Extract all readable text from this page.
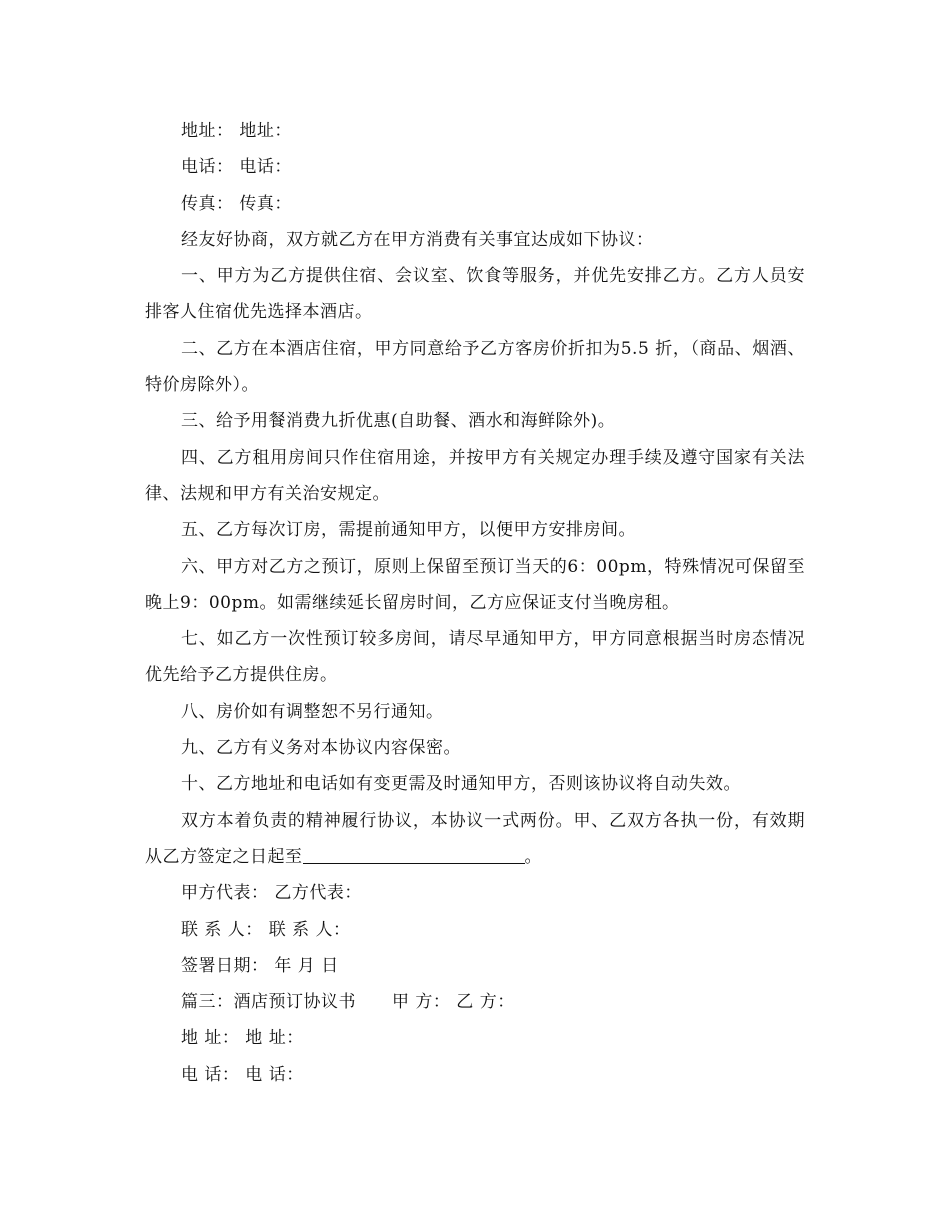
地址： 地址：

电话： 电话：

传真： 传真：

经友好协商，双方就乙方在甲方消费有关事宜达成如下协议：

一、甲方为乙方提供住宿、会议室、饮食等服务，并优先安排乙方。乙方人员安排客人住宿优先选择本酒店。

二、乙方在本酒店住宿，甲方同意给予乙方客房价折扣为5.5 折，（商品、烟酒、特价房除外）。

三、给予用餐消费九折优惠(自助餐、酒水和海鲜除外)。

四、乙方租用房间只作住宿用途，并按甲方有关规定办理手续及遵守国家有关法律、法规和甲方有关治安规定。

五、乙方每次订房，需提前通知甲方，以便甲方安排房间。

六、甲方对乙方之预订，原则上保留至预订当天的6：00pm，特殊情况可保留至晚上9：00pm。如需继续延长留房时间，乙方应保证支付当晚房租。

七、如乙方一次性预订较多房间，请尽早通知甲方，甲方同意根据当时房态情况优先给予乙方提供住房。

八、房价如有调整恕不另行通知。

九、乙方有义务对本协议内容保密。

十、乙方地址和电话如有变更需及时通知甲方，否则该协议将自动失效。

双方本着负责的精神履行协议，本协议一式两份。甲、乙双方各执一份，有效期从乙方签定之日起至	。

甲方代表： 乙方代表：

联 系 人： 联 系 人：

签署日期： 年 月 日

篇三：酒店预订协议书 甲 方： 乙 方：

地 址： 地 址：

电 话： 电 话：
